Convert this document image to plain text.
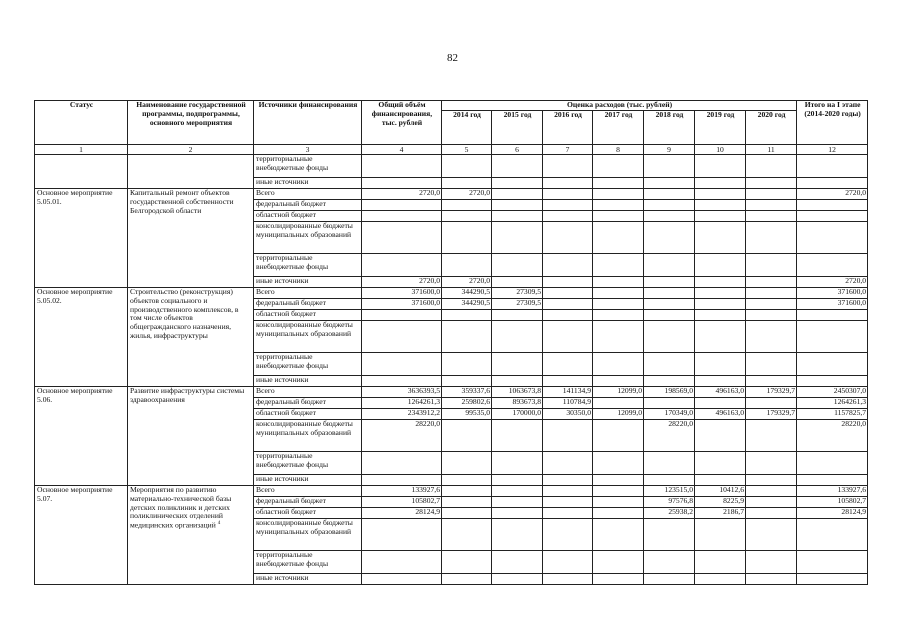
82
Статус	Наименование государственной программы, подпрограммы, основного мероприятия	Источники финансирования	Общий объём финансирования, тыс. рублей	Оценка расходов (тыс. рублей)							Итого на I этапе (2014-2020 годы)
				2014 год	2015 год	2016 год	2017 год	2018 год	2019 год	2020 год	
1	2	3	4	5	6	7	8	9	10	11	12
		территориальные внебюджетные фонды									
		иные источники									
Основное мероприятие 5.05.01.	Капитальный ремонт объектов государственной собственности Белгородской области	Всего	2720,0	2720,0							2720,0
		федеральный бюджет									
		областной бюджет									
		консолидированные бюджеты муниципальных образований									
		территориальные внебюджетные фонды									
		иные источники	2720,0	2720,0							2720,0
Основное мероприятие 5.05.02.	Строительство (реконструкция) объектов социального и производственного комплексов, в том числе объектов общегражданского назначения, жилья, инфраструктуры	Всего	371600,0	344290,5	27309,5						371600,0
		федеральный бюджет	371600,0	344290,5	27309,5						371600,0
		областной бюджет									
		консолидированные бюджеты муниципальных образований									
		территориальные внебюджетные фонды									
		иные источники									
Основное мероприятие 5.06.	Развитие инфраструктуры системы здравоохранения	Всего	3636393,5	359337,6	1063673,8	141134,9	12099,0	198569,0	496163,0	179329,7	2450307,0
		федеральный бюджет	1264261,3	259802,6	893673,8	110784,9					1264261,3
		областной бюджет	2343912,2	99535,0	170000,0	30350,0	12099,0	170349,0	496163,0	179329,7	1157825,7
		консолидированные бюджеты муниципальных образований	28220,0					28220,0			28220,0
		территориальные внебюджетные фонды									
		иные источники									
Основное мероприятие 5.07.	Мероприятия по развитию материально-технической базы детских поликлиник и детских поликлинических отделений медицинских организаций $^4$	Всего	133927,6					123515,0	10412,6		133927,6
		федеральный бюджет	105802,7					97576,8	8225,9		105802,7
		областной бюджет	28124,9					25938,2	2186,7		28124,9
		консолидированные бюджеты муниципальных образований									
		территориальные внебюджетные фонды									
		иные источники									
